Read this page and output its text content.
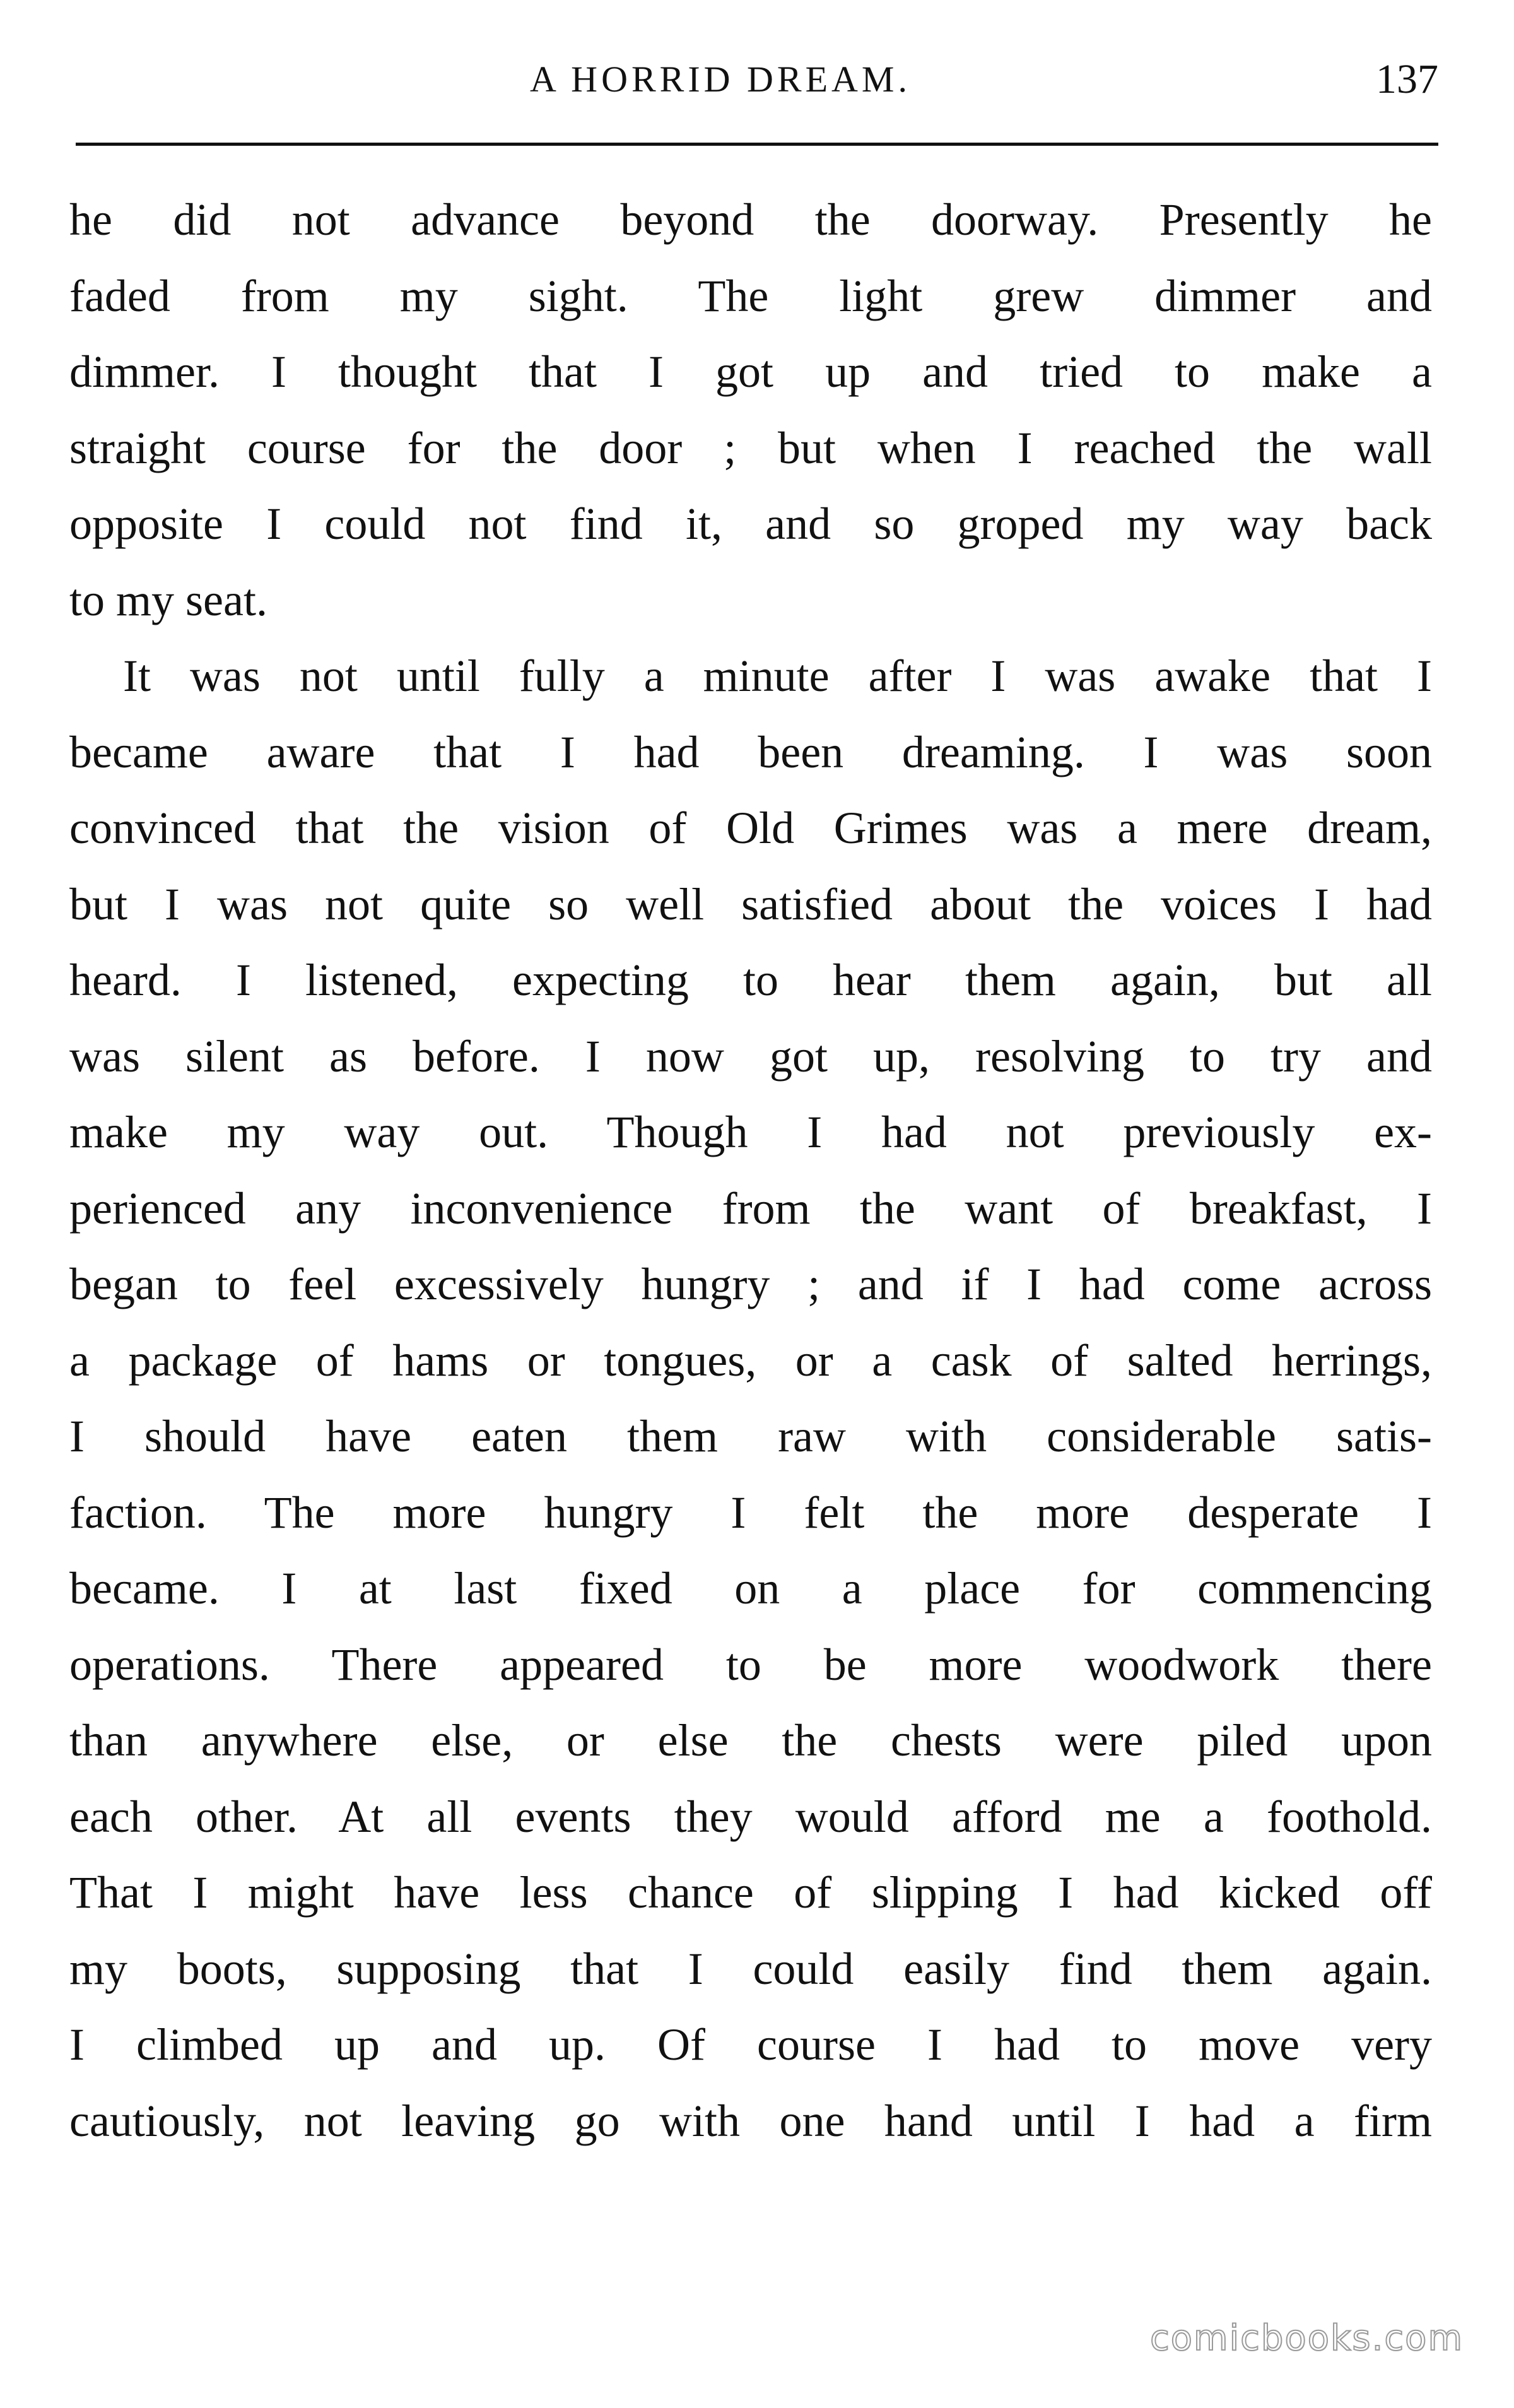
A HORRID DREAM.	137
he did not advance beyond the doorway. Presently he
faded from my sight. The light grew dimmer and
dimmer. I thought that I got up and tried to make a
straight course for the door ; but when I reached the wall
opposite I could not find it, and so groped my way back
to my seat.
It was not until fully a minute after I was awake that I
became aware that I had been dreaming. I was soon
convinced that the vision of Old Grimes was a mere dream,
but I was not quite so well satisfied about the voices I had
heard. I listened, expecting to hear them again, but all
was silent as before. I now got up, resolving to try and
make my way out. Though I had not previously ex-
perienced any inconvenience from the want of breakfast, I
began to feel excessively hungry ; and if I had come across
a package of hams or tongues, or a cask of salted herrings,
I should have eaten them raw with considerable satis-
faction. The more hungry I felt the more desperate I
became. I at last fixed on a place for commencing
operations. There appeared to be more woodwork there
than anywhere else, or else the chests were piled upon
each other. At all events they would afford me a foothold.
That I might have less chance of slipping I had kicked off
my boots, supposing that I could easily find them again.
I climbed up and up. Of course I had to move very
cautiously, not leaving go with one hand until I had a firm
comicbooks.com
